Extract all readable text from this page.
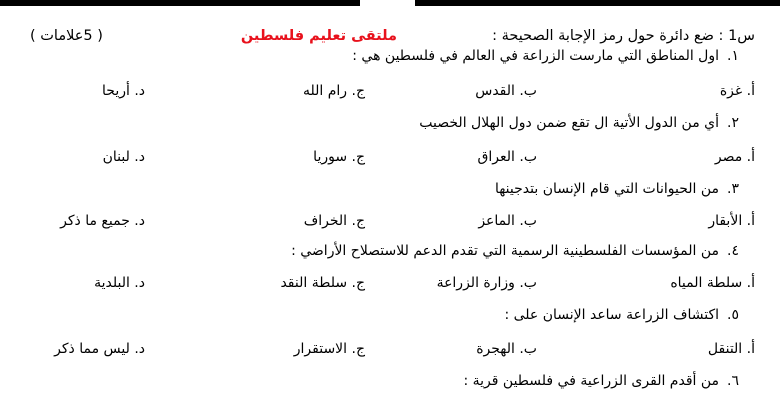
س1 : ضع دائرة حول رمز الإجابة الصحيحة :
ملتقى تعليم فلسطين
( 5علامات )
١.اول المناطق التي مارست الزراعة في العالم في فلسطين هي :
أ. غزة
ب. القدس
ج. رام الله
د. أريحا
٢.أي من الدول الأتية ال تقع ضمن دول الهلال الخصيب
أ. مصر
ب. العراق
ج. سوريا
د. لبنان
٣.من الحيوانات التي قام الإنسان بتدجينها
أ. الأبقار
ب. الماعز
ج. الخراف
د. جميع ما ذكر
٤.من المؤسسات الفلسطينية الرسمية التي تقدم الدعم للاستصلاح الأراضي :
أ. سلطة المياه
ب. وزارة الزراعة
ج. سلطة النقد
د. البلدية
٥.اكتشاف الزراعة ساعد الإنسان على :
أ. التنقل
ب. الهجرة
ج. الاستقرار
د. ليس مما ذكر
٦.من أقدم القرى الزراعية في فلسطين قرية :
